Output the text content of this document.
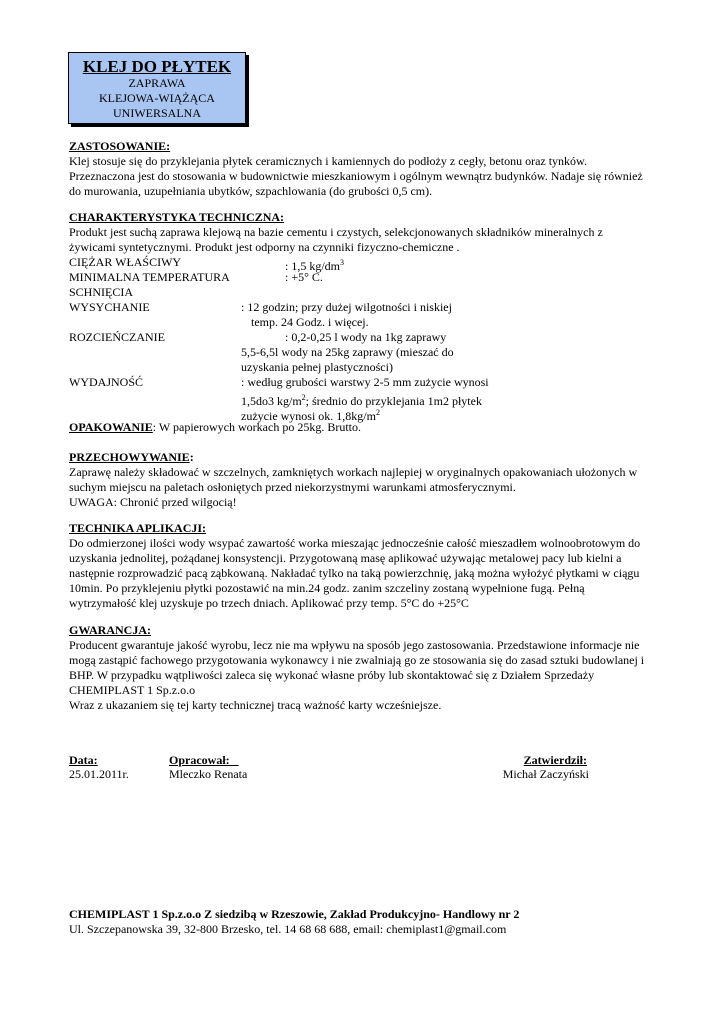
KLEJ DO PŁYTEK
ZAPRAWA
KLEJOWA-WIĄŻĄCA
UNIWERSALNA
ZASTOSOWANIE:
Klej stosuje się do przyklejania płytek ceramicznych i kamiennych do podłoży z cegły, betonu oraz tynków.
Przeznaczona jest do stosowania w budownictwie mieszkaniowym i ogólnym wewnątrz budynków. Nadaje się również
do murowania, uzupełniania ubytków, szpachlowania (do grubości 0,5 cm).
CHARAKTERYSTYKA TECHNICZNA:
Produkt jest suchą zaprawa klejową na bazie cementu i czystych, selekcjonowanych składników mineralnych z
żywicami syntetycznymi. Produkt jest odporny na czynniki fizyczno-chemiczne .
CIĘŻAR WŁAŚCIWY	: 1,5 $kg/dm^3$
MINIMALNA TEMPERATURA	: +5° C.
SCHNIĘCIA
WYSYCHANIE	: 12 godzin; przy dużej wilgotności i niskiej
temp. 24 Godz. i więcej.
ROZCIEŃCZANIE	: 0,2-0,25 l wody na 1kg zaprawy
5,5-6,5l wody na 25kg zaprawy (mieszać do
uzyskania pełnej plastyczności)
WYDAJNOŚĆ	: według grubości warstwy 2-5 mm zużycie wynosi
1,5do3 $kg/m^2$; średnio do przyklejania 1m2 płytek
zużycie wynosi ok. $1,8kg/m^2$
OPAKOWANIE: W papierowych workach po 25kg. Brutto.
PRZECHOWYWANIE:
Zaprawę należy składować w szczelnych, zamkniętych workach najlepiej w oryginalnych opakowaniach ułożonych w
suchym miejscu na paletach osłoniętych przed niekorzystnymi warunkami atmosferycznymi.
UWAGA: Chronić przed wilgocią!
TECHNIKA APLIKACJI:
Do odmierzonej ilości wody wsypać zawartość worka mieszając jednocześnie całość mieszadłem wolnoobrotowym do
uzyskania jednolitej, pożądanej konsystencji. Przygotowaną masę aplikować używając metalowej pacy lub kielni a
następnie rozprowadzić pacą ząbkowaną. Nakładać tylko na taką powierzchnię, jaką można wyłożyć płytkami w ciągu
10min. Po przyklejeniu płytki pozostawić na min.24 godz. zanim szczeliny zostaną wypełnione fugą. Pełną
wytrzymałość klej uzyskuje po trzech dniach. Aplikować przy temp. 5°C do +25°C
GWARANCJA:
Producent gwarantuje jakość wyrobu, lecz nie ma wpływu na sposób jego zastosowania. Przedstawione informacje nie
mogą zastąpić fachowego przygotowania wykonawcy i nie zwalniają go ze stosowania się do zasad sztuki budowlanej i
BHP. W przypadku wątpliwości zaleca się wykonać własne próby lub skontaktować się z Działem Sprzedaży
CHEMIPLAST 1 Sp.z.o.o
Wraz z ukazaniem się tej karty technicznej tracą ważność karty wcześniejsze.
Data:
25.01.2011r.
Opracował:
Mleczko Renata
Zatwierdził:
Michał Zaczyński
CHEMIPLAST 1 Sp.z.o.o Z siedzibą w Rzeszowie, Zakład Produkcyjno- Handlowy nr 2
Ul. Szczepanowska 39, 32-800 Brzesko, tel. 14 68 68 688, email: chemiplast1@gmail.com
